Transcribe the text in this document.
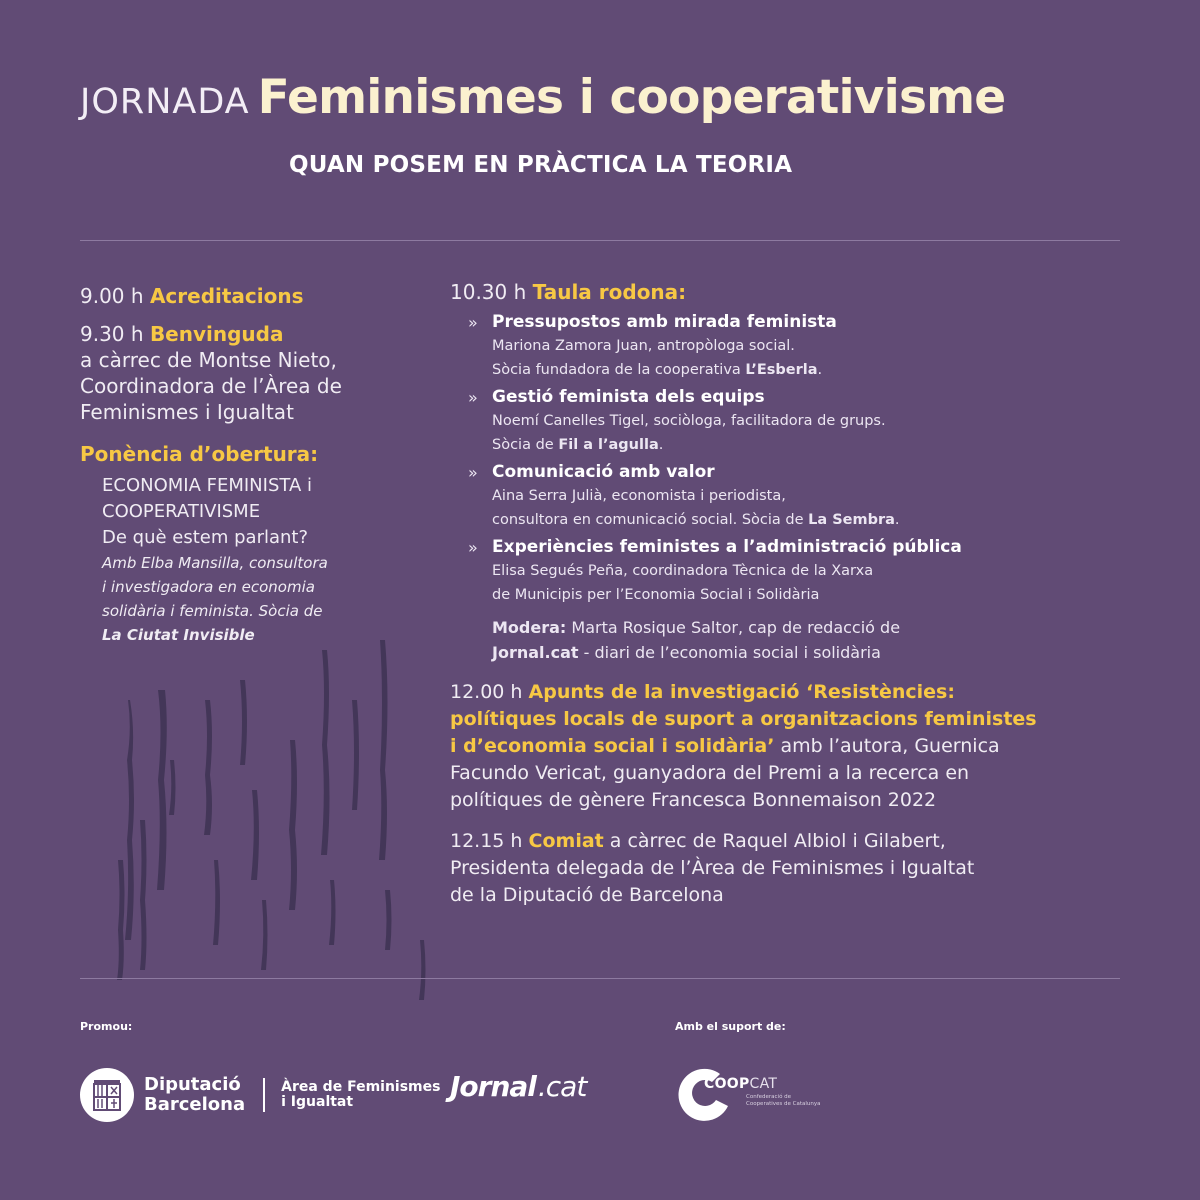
JORNADA Feminismes i cooperativisme
QUAN POSEM EN PRÀCTICA LA TEORIA
9.00 h Acreditacions
9.30 h Benvinguda
a càrrec de Montse Nieto,
Coordinadora de l’Àrea de
Feminismes i Igualtat
Ponència d’obertura:
ECONOMIA FEMINISTA i
COOPERATIVISME
De què estem parlant?
Amb Elba Mansilla, consultora
i investigadora en economia
solidària i feminista. Sòcia de
La Ciutat Invisible
10.30 h Taula rodona:
» Pressupostos amb mirada feminista
Mariona Zamora Juan, antropòloga social.
Sòcia fundadora de la cooperativa L’Esberla.
» Gestió feminista dels equips
Noemí Canelles Tigel, sociòloga, facilitadora de grups.
Sòcia de Fil a l’agulla.
» Comunicació amb valor
Aina Serra Julià, economista i periodista,
consultora en comunicació social. Sòcia de La Sembra.
» Experiències feministes a l’administració pública
Elisa Segués Peña, coordinadora Tècnica de la Xarxa
de Municipis per l’Economia Social i Solidària
Modera: Marta Rosique Saltor, cap de redacció de
Jornal.cat - diari de l’economia social i solidària
12.00 h Apunts de la investigació ‘Resistències:
polítiques locals de suport a organitzacions feministes
i d’economia social i solidària’ amb l’autora, Guernica
Facundo Vericat, guanyadora del Premi a la recerca en
polítiques de gènere Francesca Bonnemaison 2022
12.15 h Comiat a càrrec de Raquel Albiol i Gilabert,
Presidenta delegada de l’Àrea de Feminismes i Igualtat
de la Diputació de Barcelona
Promou:	Amb el suport de:
Diputació
Barcelona
Àrea de Feminismes
i Igualtat	Jornal.cat	COOPCAT
Confederació de Cooperatives de Catalunya
